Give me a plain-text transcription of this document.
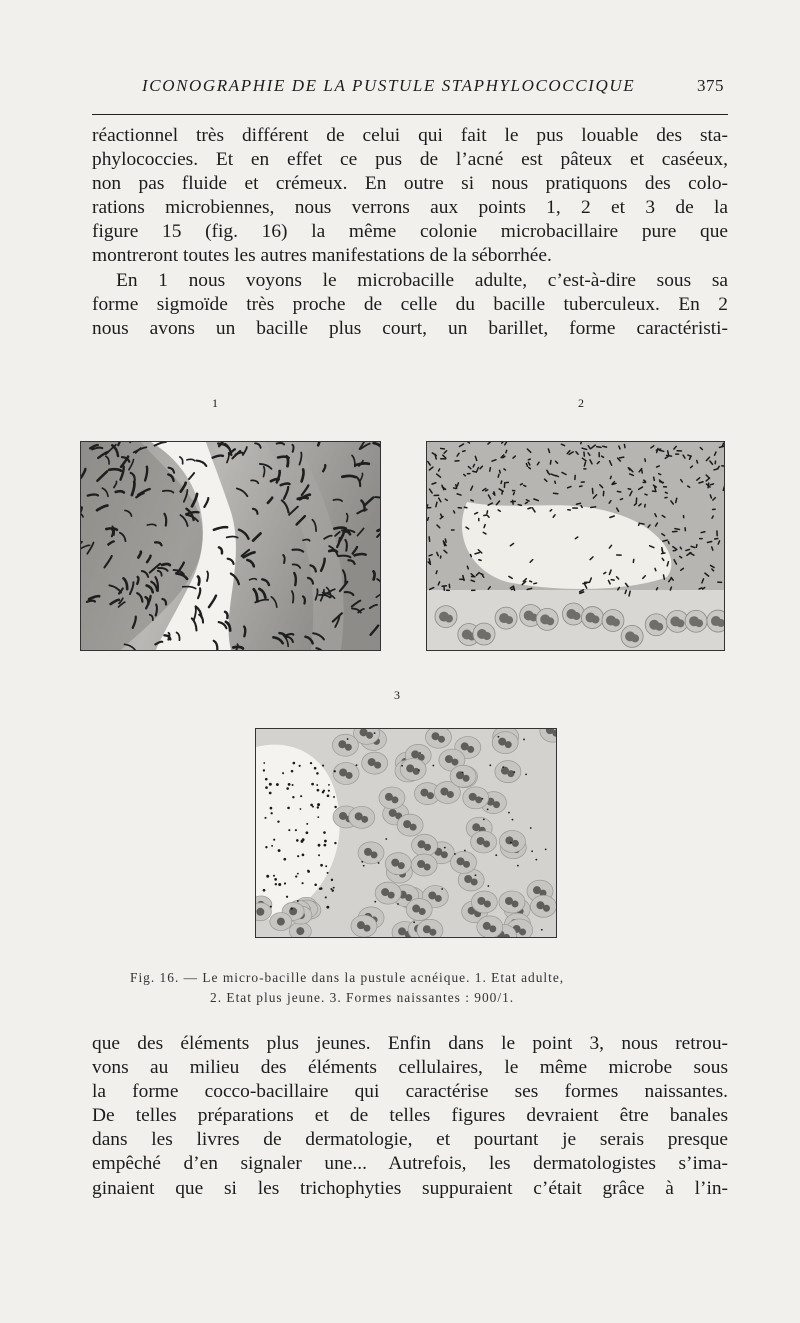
ICONOGRAPHIE DE LA PUSTULE STAPHYLOCOCCIQUE	375
réactionnel très différent de celui qui fait le pus louable des sta-
phylococcies. Et en effet ce pus de l’acné est pâteux et caséeux,
non pas fluide et crémeux. En outre si nous pratiquons des colo-
rations microbiennes, nous verrons aux points 1, 2 et 3 de la
figure 15 (fig. 16) la même colonie microbacillaire pure que
montreront toutes les autres manifestations de la séborrhée.
En 1 nous voyons le microbacille adulte, c’est-à-dire sous sa
forme sigmoïde très proche de celle du bacille tuberculeux. En 2
nous avons un bacille plus court, un barillet, forme caractéristi-
1	2
3
Fig. 16. — Le micro-bacille dans la pustule acnéique. 1. Etat adulte,
2. Etat plus jeune. 3. Formes naissantes : 900/1.
que des éléments plus jeunes. Enfin dans le point 3, nous retrou-
vons au milieu des éléments cellulaires, le même microbe sous
la forme cocco-bacillaire qui caractérise ses formes naissantes.
De telles préparations et de telles figures devraient être banales
dans les livres de dermatologie, et pourtant je serais presque
empêché d’en signaler une... Autrefois, les dermatologistes s’ima-
ginaient que si les trichophyties suppuraient c’était grâce à l’in-
